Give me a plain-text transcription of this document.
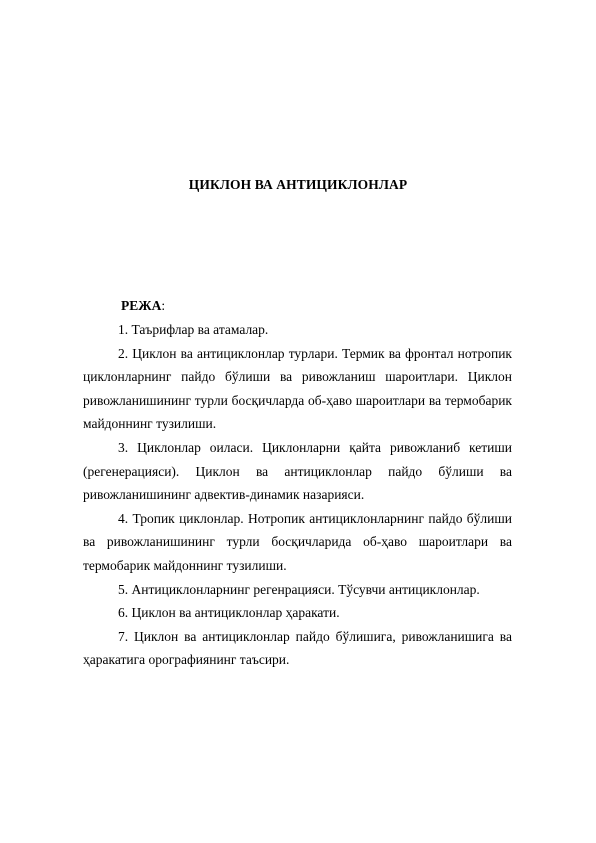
ЦИКЛОН ВА АНТИЦИКЛОНЛАР
РЕЖА:

1. Таърифлар ва атамалар.

2. Циклон ва антициклонлар турлари. Термик ва фронтал нотропик циклонларнинг пайдо бўлиши ва ривожланиш шароитлари. Циклон ривожланишининг турли босқичларда об-ҳаво шароитлари ва термобарик майдоннинг тузилиши.

3. Циклонлар оиласи. Циклонларни қайта ривожланиб кетиши (регенерацияси). Циклон ва антициклонлар пайдо бўлиши ва ривожланишининг адвектив-динамик назарияси.

4. Тропик циклонлар. Нотропик антициклонларнинг пайдо бўлиши ва ривожланишининг турли босқичларида об-ҳаво шароитлари ва термобарик майдоннинг тузилиши.

5. Антициклонларнинг регенрацияси. Тўсувчи антициклонлар.

6. Циклон ва антициклонлар ҳаракати.

7. Циклон ва антициклонлар пайдо бўлишига, ривожланишига ва ҳаракатига орографиянинг таъсири.
